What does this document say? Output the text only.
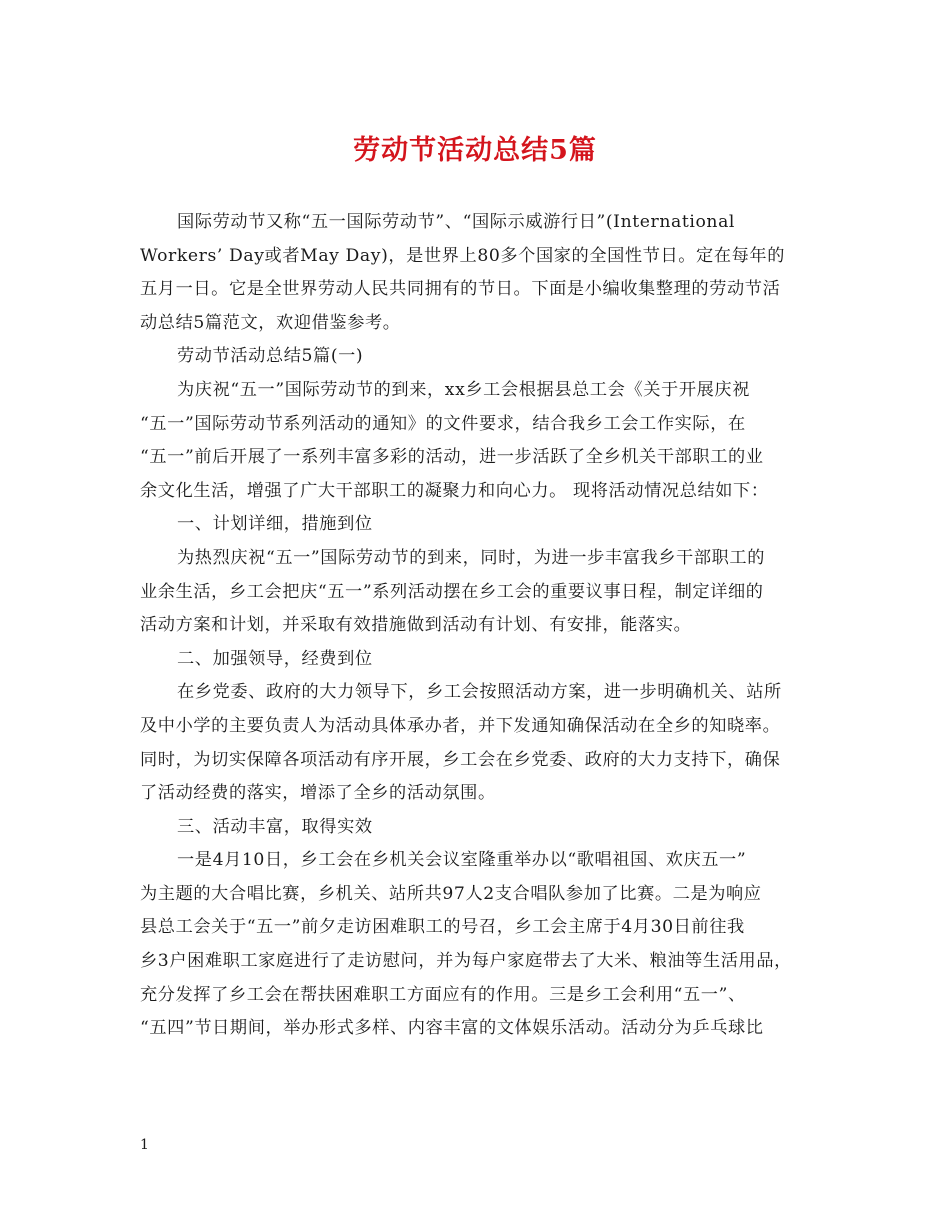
劳动节活动总结5篇
国际劳动节又称“五一国际劳动节”、“国际示威游行日”(International
Workers’ Day或者May Day)，是世界上80多个国家的全国性节日。定在每年的
五月一日。它是全世界劳动人民共同拥有的节日。下面是小编收集整理的劳动节活
动总结5篇范文，欢迎借鉴参考。
劳动节活动总结5篇(一)
为庆祝“五一”国际劳动节的到来，xx乡工会根据县总工会《关于开展庆祝
“五一”国际劳动节系列活动的通知》的文件要求，结合我乡工会工作实际，在
“五一”前后开展了一系列丰富多彩的活动，进一步活跃了全乡机关干部职工的业
余文化生活，增强了广大干部职工的凝聚力和向心力。 现将活动情况总结如下：
一、计划详细，措施到位
为热烈庆祝“五一”国际劳动节的到来，同时，为进一步丰富我乡干部职工的
业余生活，乡工会把庆“五一”系列活动摆在乡工会的重要议事日程，制定详细的
活动方案和计划，并采取有效措施做到活动有计划、有安排，能落实。
二、加强领导，经费到位
在乡党委、政府的大力领导下，乡工会按照活动方案，进一步明确机关、站所
及中小学的主要负责人为活动具体承办者，并下发通知确保活动在全乡的知晓率。
同时，为切实保障各项活动有序开展，乡工会在乡党委、政府的大力支持下，确保
了活动经费的落实，增添了全乡的活动氛围。
三、活动丰富，取得实效
一是4月10日，乡工会在乡机关会议室隆重举办以“歌唱祖国、欢庆五一”
为主题的大合唱比赛，乡机关、站所共97人2支合唱队参加了比赛。二是为响应
县总工会关于“五一”前夕走访困难职工的号召，乡工会主席于4月30日前往我
乡3户困难职工家庭进行了走访慰问，并为每户家庭带去了大米、粮油等生活用品，
充分发挥了乡工会在帮扶困难职工方面应有的作用。三是乡工会利用“五一”、
“五四”节日期间，举办形式多样、内容丰富的文体娱乐活动。活动分为乒乓球比
1
